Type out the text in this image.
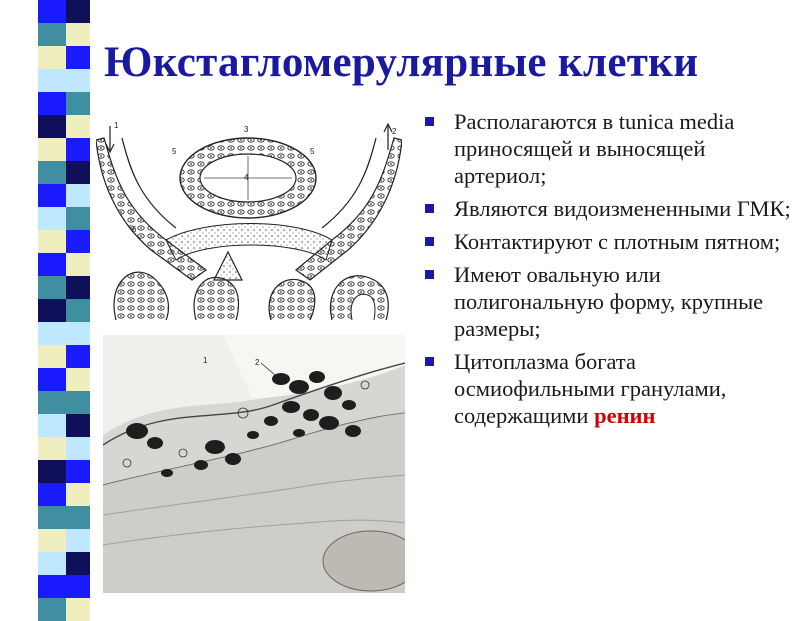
Юкстагломерулярные клетки
1
2
3
4
5	5
6
1	2
Располагаются в tunica media приносящей и выносящей артериол;
Являются видоизмененными ГМК;
Контактируют с плотным пятном;
Имеют овальную или полигональную форму, крупные размеры;
Цитоплазма богата осмиофильными гранулами, содержащими ренин
